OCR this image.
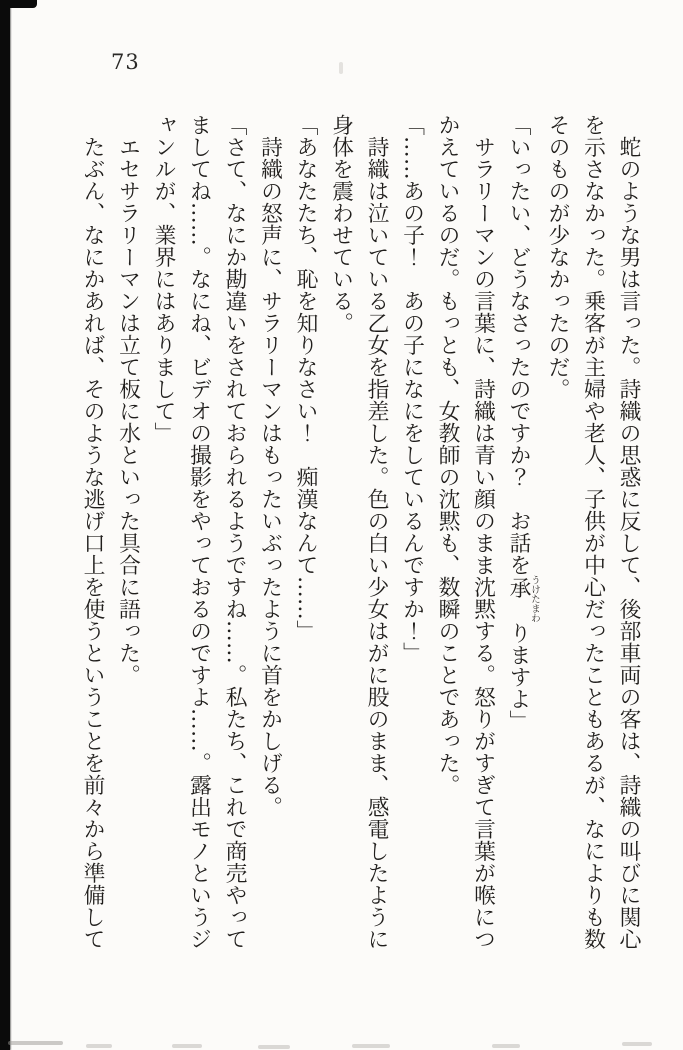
73
蛇のような男は言った。詩織の思惑に反して、後部車両の客は、詩織の叫びに関心
を示さなかった。乗客が主婦や老人、子供が中心だったこともあるが、なによりも数
そのものが少なかったのだ。
「いったい、どうなさったのですか？　お話を承　うけたまわりますよ」
サラリーマンの言葉に、詩織は青い顔のまま沈黙する。怒りがすぎて言葉が喉につ
かえているのだ。もっとも、女教師の沈黙も、数瞬のことであった。
「……あの子！　あの子になにをしているんですか！」
詩織は泣いている乙女を指差した。色の白い少女はがに股のまま、感電したように
身体を震わせている。
「あなたたち、恥を知りなさい！　痴漢なんて……」
詩織の怒声に、サラリーマンはもったいぶったように首をかしげる。
「さて、なにか勘違いをされておられるようですね……。私たち、これで商売やって
ましてね……。なにね、ビデオの撮影をやっておるのですよ……。露出モノというジ
ャンルが、業界にはありまして」
エセサラリーマンは立て板に水といった具合に語った。
たぶん、なにかあれば、そのような逃げ口上を使うということを前々から準備して
